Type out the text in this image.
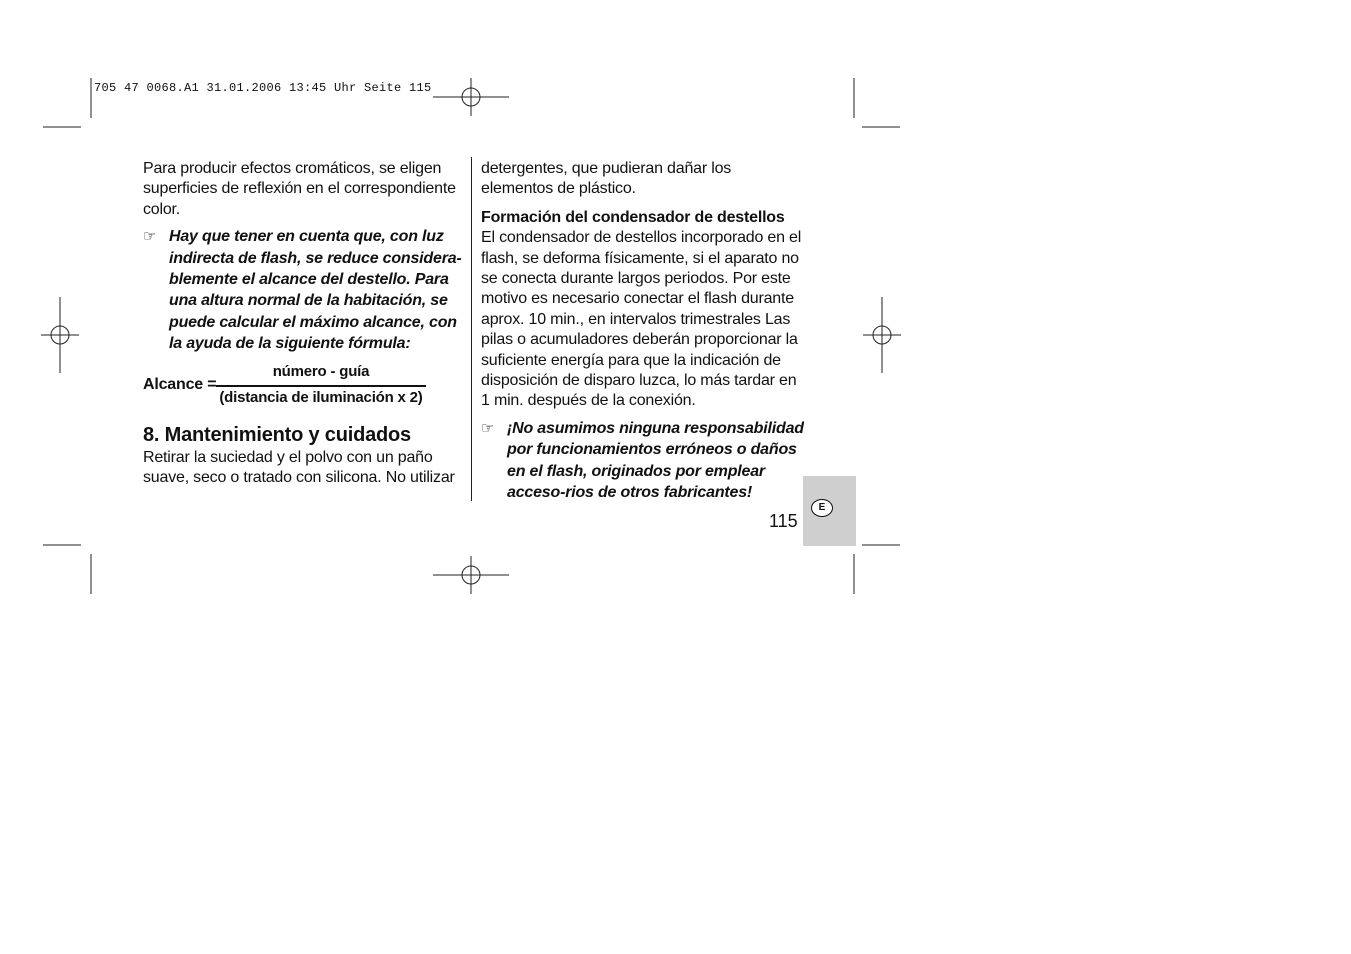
705 47 0068.A1 31.01.2006 13:45 Uhr Seite 115

Para producir efectos cromáticos, se eligen superficies de reflexión en el correspondiente color.

☞ Hay que tener en cuenta que, con luz indirecta de flash, se reduce considera-blemente el alcance del destello. Para una altura normal de la habitación, se puede calcular el máximo alcance, con la ayuda de la siguiente fórmula:

Alcance =
número - guía
(distancia de iluminación x 2)

8. Mantenimiento y cuidados

Retirar la suciedad y el polvo con un paño suave, seco o tratado con silicona. No utilizar

detergentes, que pudieran dañar los elementos de plástico.

Formación del condensador de destellos

El condensador de destellos incorporado en el flash, se deforma físicamente, si el aparato no se conecta durante largos periodos. Por este motivo es necesario conectar el flash durante aprox. 10 min., en intervalos trimestrales Las pilas o acumuladores deberán proporcionar la suficiente energía para que la indicación de disposición de disparo luzca, lo más tardar en 1 min. después de la conexión.

☞ ¡No asumimos ninguna responsabilidad por funcionamientos erróneos o daños en el flash, originados por emplear acceso-rios de otros fabricantes!

E
115
